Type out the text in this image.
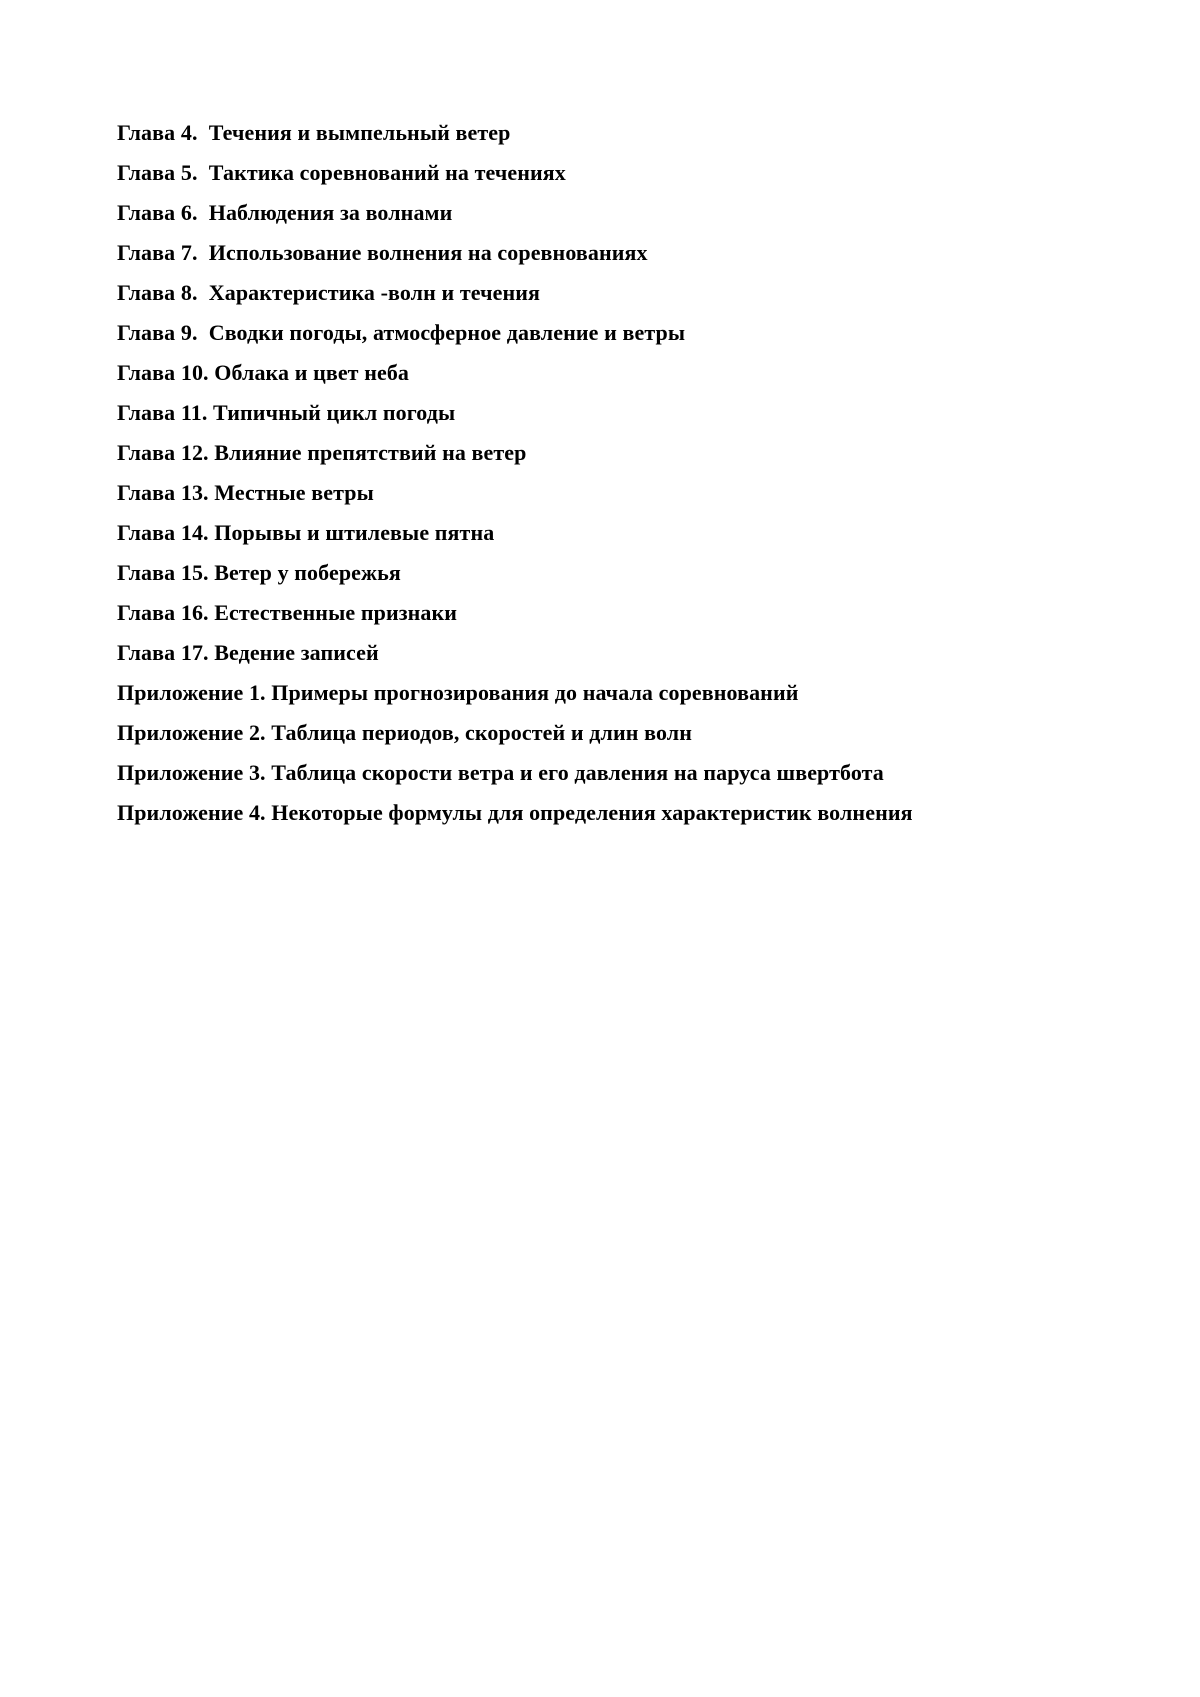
Глава 4.  Течения и вымпельный ветер
Глава 5.  Тактика соревнований на течениях
Глава 6.  Наблюдения за волнами
Глава 7.  Использование волнения на соревнованиях
Глава 8.  Характеристика -волн и течения
Глава 9.  Сводки погоды, атмосферное давление и ветры
Глава 10. Облака и цвет неба
Глава 11. Типичный цикл погоды
Глава 12. Влияние препятствий на ветер
Глава 13. Местные ветры
Глава 14. Порывы и штилевые пятна
Глава 15. Ветер у побережья
Глава 16. Естественные признаки
Глава 17. Ведение записей
Приложение 1. Примеры прогнозирования до начала соревнований
Приложение 2. Таблица периодов, скоростей и длин волн
Приложение 3. Таблица скорости ветра и его давления на паруса швертбота
Приложение 4. Некоторые формулы для определения характеристик волнения
